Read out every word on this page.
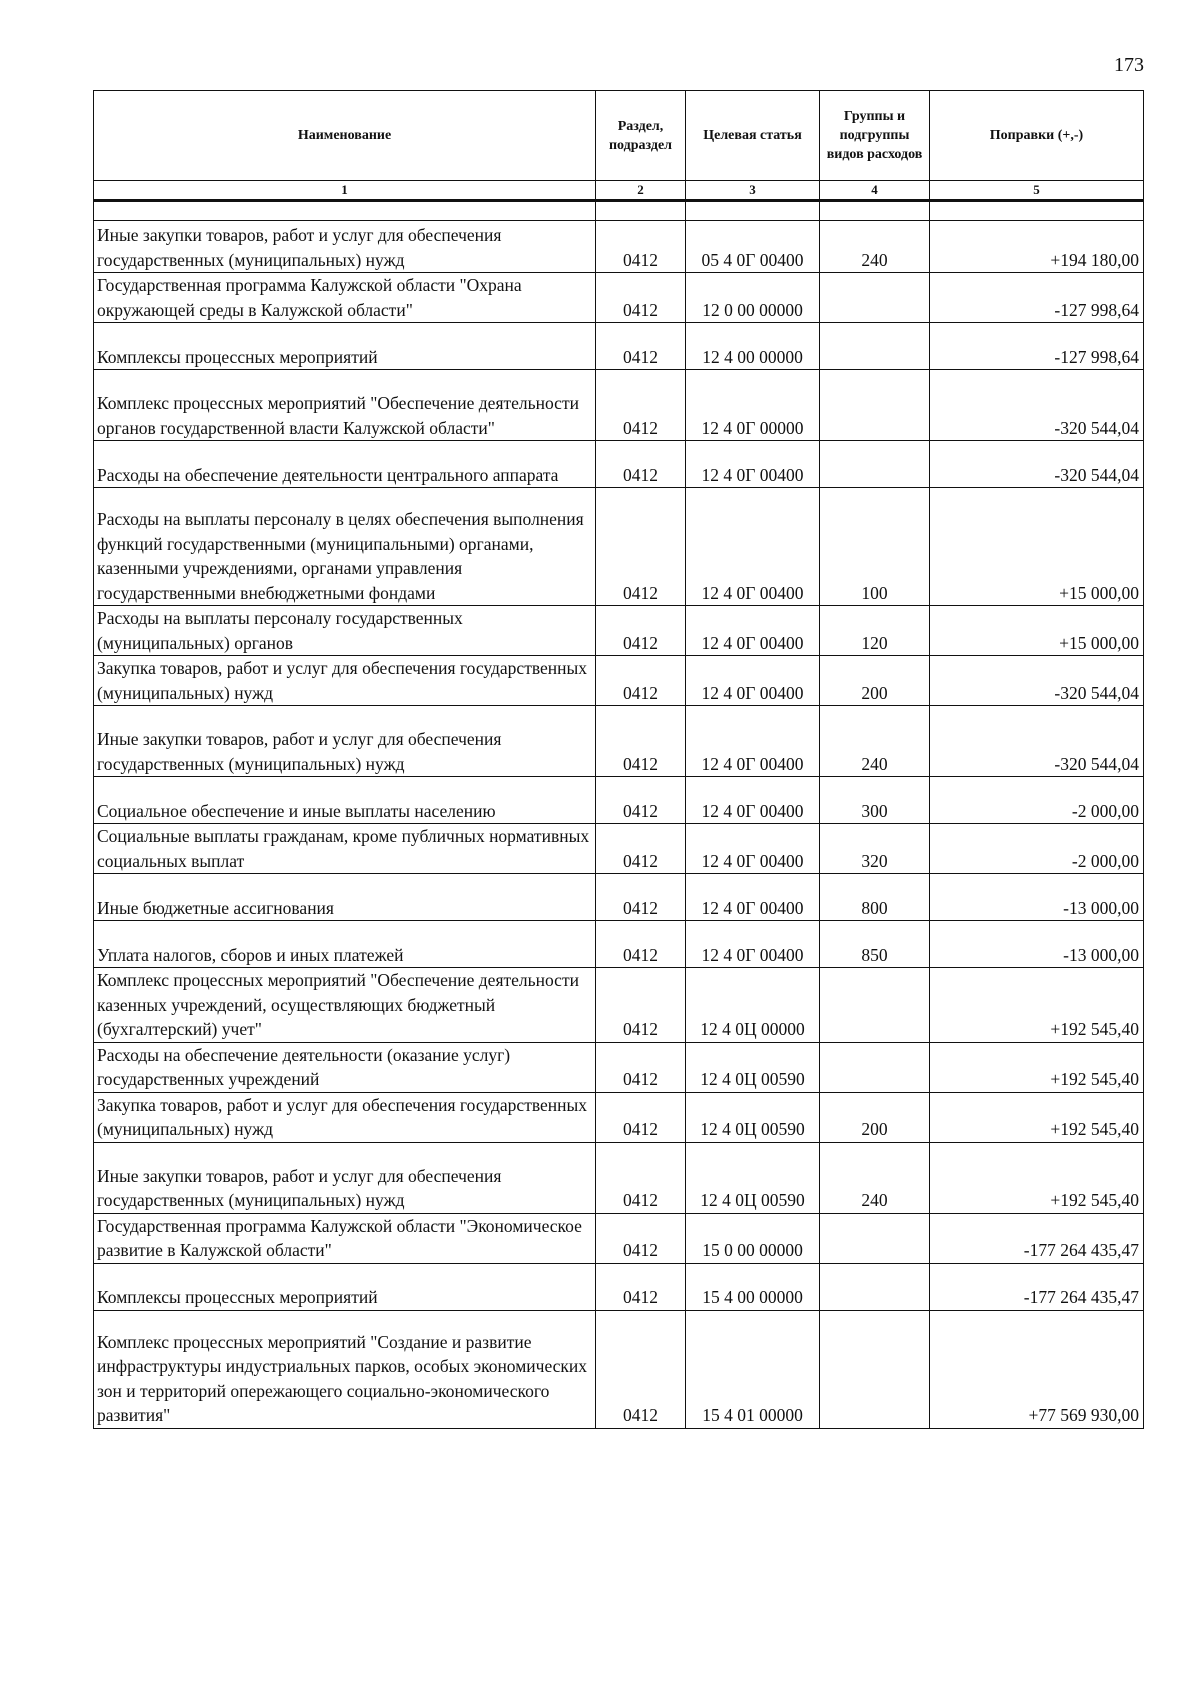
173
Наименование	Раздел, подраздел	Целевая статья	Группы и подгруппы видов расходов	Поправки (+,-)
1	2	3	4	5

Иные закупки товаров, работ и услуг для обеспечения государственных (муниципальных) нужд	0412	05 4 0Г 00400	240	+194 180,00
Государственная программа Калужской области "Охрана окружающей среды в Калужской области"	0412	12 0 00 00000		-127 998,64
Комплексы процессных мероприятий	0412	12 4 00 00000		-127 998,64
Комплекс процессных мероприятий "Обеспечение деятельности органов государственной власти Калужской области"	0412	12 4 0Г 00000		-320 544,04
Расходы на обеспечение деятельности центрального аппарата	0412	12 4 0Г 00400		-320 544,04
Расходы на выплаты персоналу в целях обеспечения выполнения функций государственными (муниципальными) органами, казенными учреждениями, органами управления государственными внебюджетными фондами	0412	12 4 0Г 00400	100	+15 000,00
Расходы на выплаты персоналу государственных (муниципальных) органов	0412	12 4 0Г 00400	120	+15 000,00
Закупка товаров, работ и услуг для обеспечения государственных (муниципальных) нужд	0412	12 4 0Г 00400	200	-320 544,04
Иные закупки товаров, работ и услуг для обеспечения государственных (муниципальных) нужд	0412	12 4 0Г 00400	240	-320 544,04
Социальное обеспечение и иные выплаты населению	0412	12 4 0Г 00400	300	-2 000,00
Социальные выплаты гражданам, кроме публичных нормативных социальных выплат	0412	12 4 0Г 00400	320	-2 000,00
Иные бюджетные ассигнования	0412	12 4 0Г 00400	800	-13 000,00
Уплата налогов, сборов и иных платежей	0412	12 4 0Г 00400	850	-13 000,00
Комплекс процессных мероприятий "Обеспечение деятельности казенных учреждений, осуществляющих бюджетный (бухгалтерский) учет"	0412	12 4 0Ц 00000		+192 545,40
Расходы на обеспечение деятельности (оказание услуг) государственных учреждений	0412	12 4 0Ц 00590		+192 545,40
Закупка товаров, работ и услуг для обеспечения государственных (муниципальных) нужд	0412	12 4 0Ц 00590	200	+192 545,40
Иные закупки товаров, работ и услуг для обеспечения государственных (муниципальных) нужд	0412	12 4 0Ц 00590	240	+192 545,40
Государственная программа Калужской области "Экономическое развитие в Калужской области"	0412	15 0 00 00000		-177 264 435,47
Комплексы процессных мероприятий	0412	15 4 00 00000		-177 264 435,47
Комплекс процессных мероприятий "Создание и развитие инфраструктуры индустриальных парков, особых экономических зон и территорий опережающего социально-экономического развития"	0412	15 4 01 00000		+77 569 930,00
